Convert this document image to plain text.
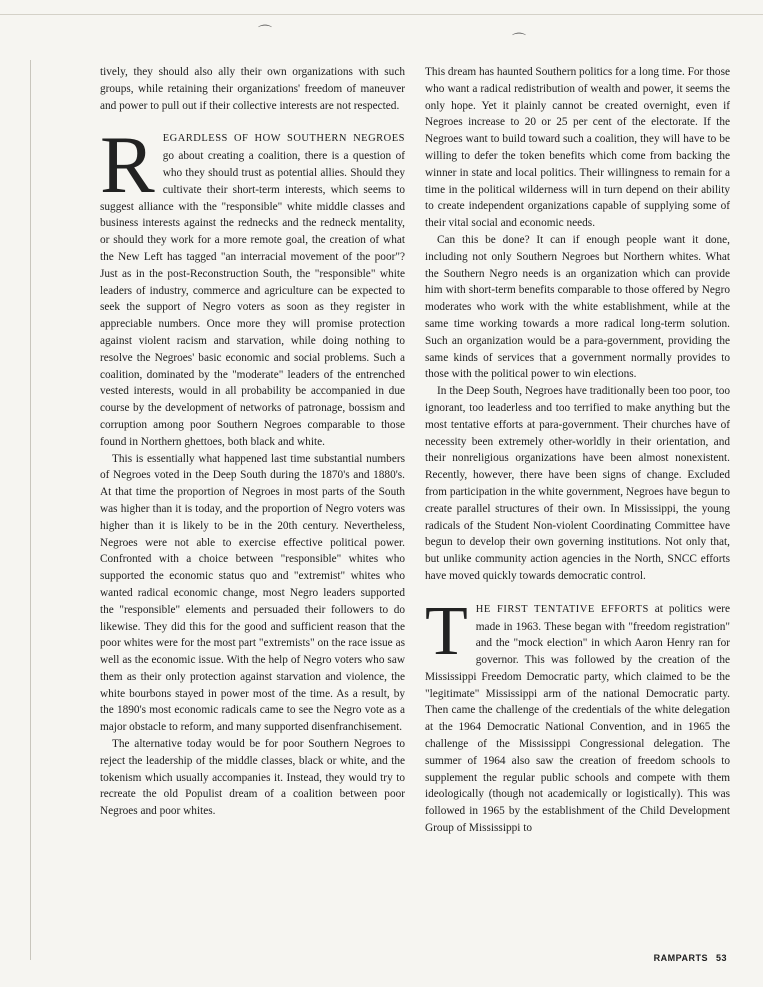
⌒
⌒

tively, they should also ally their own organizations with such groups, while retaining their organizations' freedom of maneuver and power to pull out if their collective interests are not respected.

R EGARDLESS OF HOW SOUTHERN NEGROES go about creating a coalition, there is a question of who they should trust as potential allies. Should they cultivate their short-term interests, which seems to suggest alliance with the "responsible" white middle classes and business interests against the rednecks and the redneck mentality, or should they work for a more remote goal, the creation of what the New Left has tagged "an interracial movement of the poor"? Just as in the post-Reconstruction South, the "responsible" white leaders of industry, commerce and agriculture can be expected to seek the support of Negro voters as soon as they register in appreciable numbers. Once more they will promise protection against violent racism and starvation, while doing nothing to resolve the Negroes' basic economic and social problems. Such a coalition, dominated by the "moderate" leaders of the entrenched vested interests, would in all probability be accompanied in due course by the development of networks of patronage, bossism and corruption among poor Southern Negroes comparable to those found in Northern ghettoes, both black and white.

This is essentially what happened last time substantial numbers of Negroes voted in the Deep South during the 1870's and 1880's. At that time the proportion of Negroes in most parts of the South was higher than it is today, and the proportion of Negro voters was higher than it is likely to be in the 20th century. Nevertheless, Negroes were not able to exercise effective political power. Confronted with a choice between "responsible" whites who supported the economic status quo and "extremist" whites who wanted radical economic change, most Negro leaders supported the "responsible" elements and persuaded their followers to do likewise. They did this for the good and sufficient reason that the poor whites were for the most part "extremists" on the race issue as well as the economic issue. With the help of Negro voters who saw them as their only protection against starvation and violence, the white bourbons stayed in power most of the time. As a result, by the 1890's most economic radicals came to see the Negro vote as a major obstacle to reform, and many supported disenfranchisement.

The alternative today would be for poor Southern Negroes to reject the leadership of the middle classes, black or white, and the tokenism which usually accompanies it. Instead, they would try to recreate the old Populist dream of a coalition between poor Negroes and poor whites.

This dream has haunted Southern politics for a long time. For those who want a radical redistribution of wealth and power, it seems the only hope. Yet it plainly cannot be created overnight, even if Negroes increase to 20 or 25 per cent of the electorate. If the Negroes want to build toward such a coalition, they will have to be willing to defer the token benefits which come from backing the winner in state and local politics. Their willingness to remain for a time in the political wilderness will in turn depend on their ability to create independent organizations capable of supplying some of their vital social and economic needs.

Can this be done? It can if enough people want it done, including not only Southern Negroes but Northern whites. What the Southern Negro needs is an organization which can provide him with short-term benefits comparable to those offered by Negro moderates who work with the white establishment, while at the same time working towards a more radical long-term solution. Such an organization would be a para-government, providing the same kinds of services that a government normally provides to those with the political power to win elections.

In the Deep South, Negroes have traditionally been too poor, too ignorant, too leaderless and too terrified to make anything but the most tentative efforts at para-government. Their churches have of necessity been extremely other-worldly in their orientation, and their nonreligious organizations have been almost nonexistent. Recently, however, there have been signs of change. Excluded from participation in the white government, Negroes have begun to create parallel structures of their own. In Mississippi, the young radicals of the Student Non-violent Coordinating Committee have begun to develop their own governing institutions. Not only that, but unlike community action agencies in the North, SNCC efforts have moved quickly towards democratic control.

T HE FIRST TENTATIVE EFFORTS at politics were made in 1963. These began with "freedom registration" and the "mock election" in which Aaron Henry ran for governor. This was followed by the creation of the Mississippi Freedom Democratic party, which claimed to be the "legitimate" Mississippi arm of the national Democratic party. Then came the challenge of the credentials of the white delegation at the 1964 Democratic National Convention, and in 1965 the challenge of the Mississippi Congressional delegation. The summer of 1964 also saw the creation of freedom schools to supplement the regular public schools and compete with them ideologically (though not academically or logistically). This was followed in 1965 by the establishment of the Child Development Group of Mississippi to

RAMPARTS 53
